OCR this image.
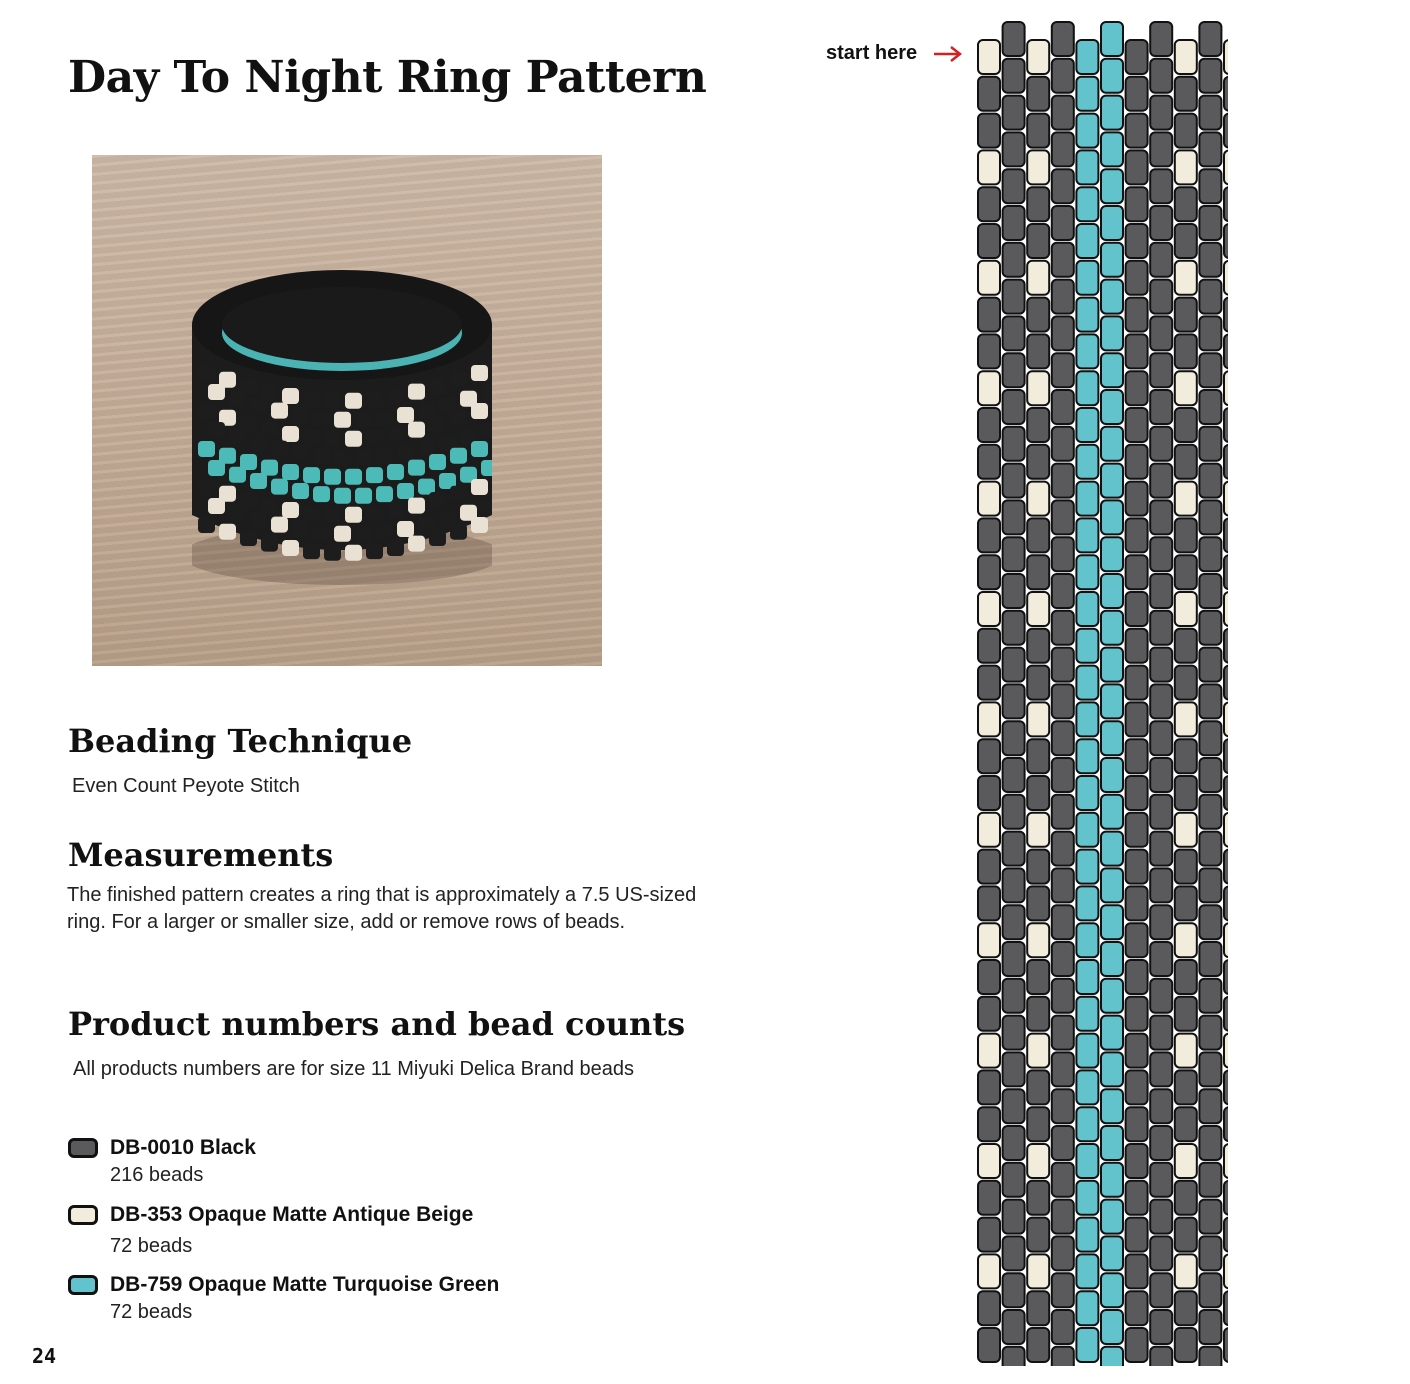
Day To Night Ring Pattern
Beading Technique

Even Count Peyote Stitch

Measurements

The finished pattern creates a ring that is approximately a 7.5 US-sized ring. For a larger or smaller size, add or remove rows of beads.

Product numbers and bead counts

All products numbers are for size 11 Miyuki Delica Brand beads

DB-0010 Black
216 beads
DB-353 Opaque Matte Antique Beige
72 beads
DB-759 Opaque Matte Turquoise Green
72 beads
start here
24
